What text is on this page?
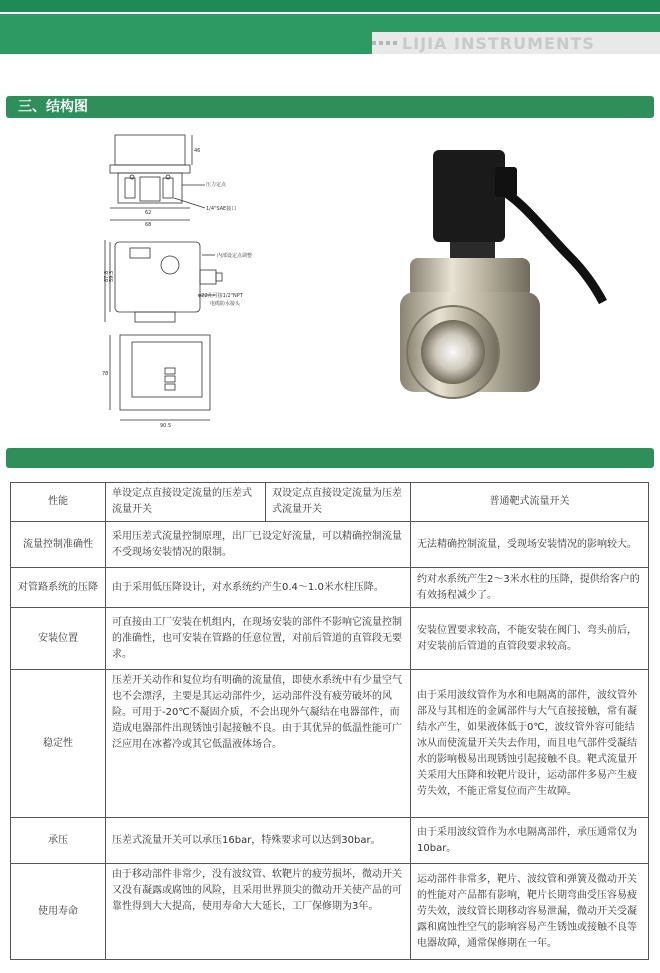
LIJIA INSTRUMENTS
三、结构图
46
62
68
压力定点
1/4"SAE接口
87.8 59.3
内部设定点调整
φ22孔可接1/2"NPT
电缆防水接头
78
90.5
性能	单设定点直接设定流量的压差式流量开关	双设定点直接设定流量为压差式流量开关	普通靶式流量开关
流量控制准确性	采用压差式流量控制原理，出厂已设定好流量，可以精确控制流量不受现场安装情况的限制。		无法精确控制流量，受现场安装情况的影响较大。
对管路系统的压降	由于采用低压降设计，对水系统约产生0.4～1.0米水柱压降。		约对水系统产生2～3米水柱的压降，提供给客户的有效扬程减少了。
安装位置	可直接由工厂安装在机组内，在现场安装的部件不影响它流量控制的准确性，也可安装在管路的任意位置，对前后管道的直管段无要求。		安装位置要求较高，不能安装在阀门、弯头前后，对安装前后管道的直管段要求较高。
稳定性	压差开关动作和复位均有明确的流量值，即使水系统中有少量空气也不会漂浮，主要是其运动部件少，运动部件没有疲劳破坏的风险。可用于-20℃不凝固介质，不会出现外气凝结在电器部件，而造成电器部件出现锈蚀引起接触不良。由于其优异的低温性能可广泛应用在冰蓄冷或其它低温液体场合。		由于采用波纹管作为水和电隔离的部件，波纹管外部及与其相连的金属部件与大气直接接触，常有凝结水产生，如果液体低于0℃，波纹管外容可能结冰从而使流量开关失去作用，而且电气部件受凝结水的影响极易出现锈蚀引起接触不良。靶式流量开关采用大压降和较靶片设计，运动部件多易产生疲劳失效，不能正常复位而产生故障。
承压	压差式流量开关可以承压16bar，特殊要求可以达到30bar。		由于采用波纹管作为水电隔离部件，承压通常仅为10bar。
使用寿命	由于移动部件非常少，没有波纹管、软靶片的疲劳损坏，微动开关又没有凝露或腐蚀的风险，且采用世界顶尖的微动开关使产品的可靠性得到大大提高，使用寿命大大延长，工厂保修期为3年。		运动部件非常多，靶片、波纹管和弹簧及微动开关的性能对产品都有影响，靶片长期弯曲受压容易疲劳失效，波纹管长期移动容易泄漏，微动开关受凝露和腐蚀性空气的影响容易产生锈蚀或接触不良等电器故障，通常保修期在一年。
